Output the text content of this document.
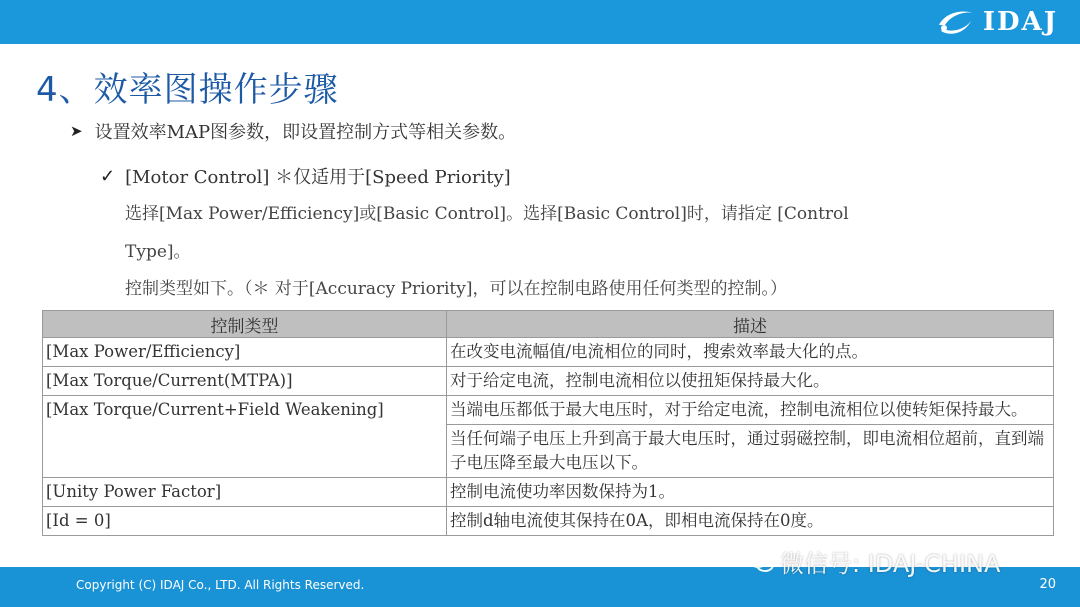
IDAJ
4、效率图操作步骤
➤ 设置效率MAP图参数，即设置控制方式等相关参数。
✓ [Motor Control] ＊仅适用于[Speed Priority]
选择[Max Power/Efficiency]或[Basic Control]。选择[Basic Control]时，请指定 [Control
Type]。
控制类型如下。（＊ 对于[Accuracy Priority]，可以在控制电路使用任何类型的控制。）
控制类型	描述
[Max Power/Efficiency]	在改变电流幅值/电流相位的同时，搜索效率最大化的点。
[Max Torque/Current(MTPA)]	对于给定电流，控制电流相位以使扭矩保持最大化。
[Max Torque/Current+Field Weakening]	当端电压都低于最大电压时，对于给定电流，控制电流相位以使转矩保持最大。
	当任何端子电压上升到高于最大电压时，通过弱磁控制，即电流相位超前，直到端子电压降至最大电压以下。
[Unity Power Factor]	控制电流使功率因数保持为1。
[Id = 0]	控制d轴电流使其保持在0A，即相电流保持在0度。
Copyright (C) IDAJ Co., LTD. All Rights Reserved.	20
微信号: IDAJ-CHINA
